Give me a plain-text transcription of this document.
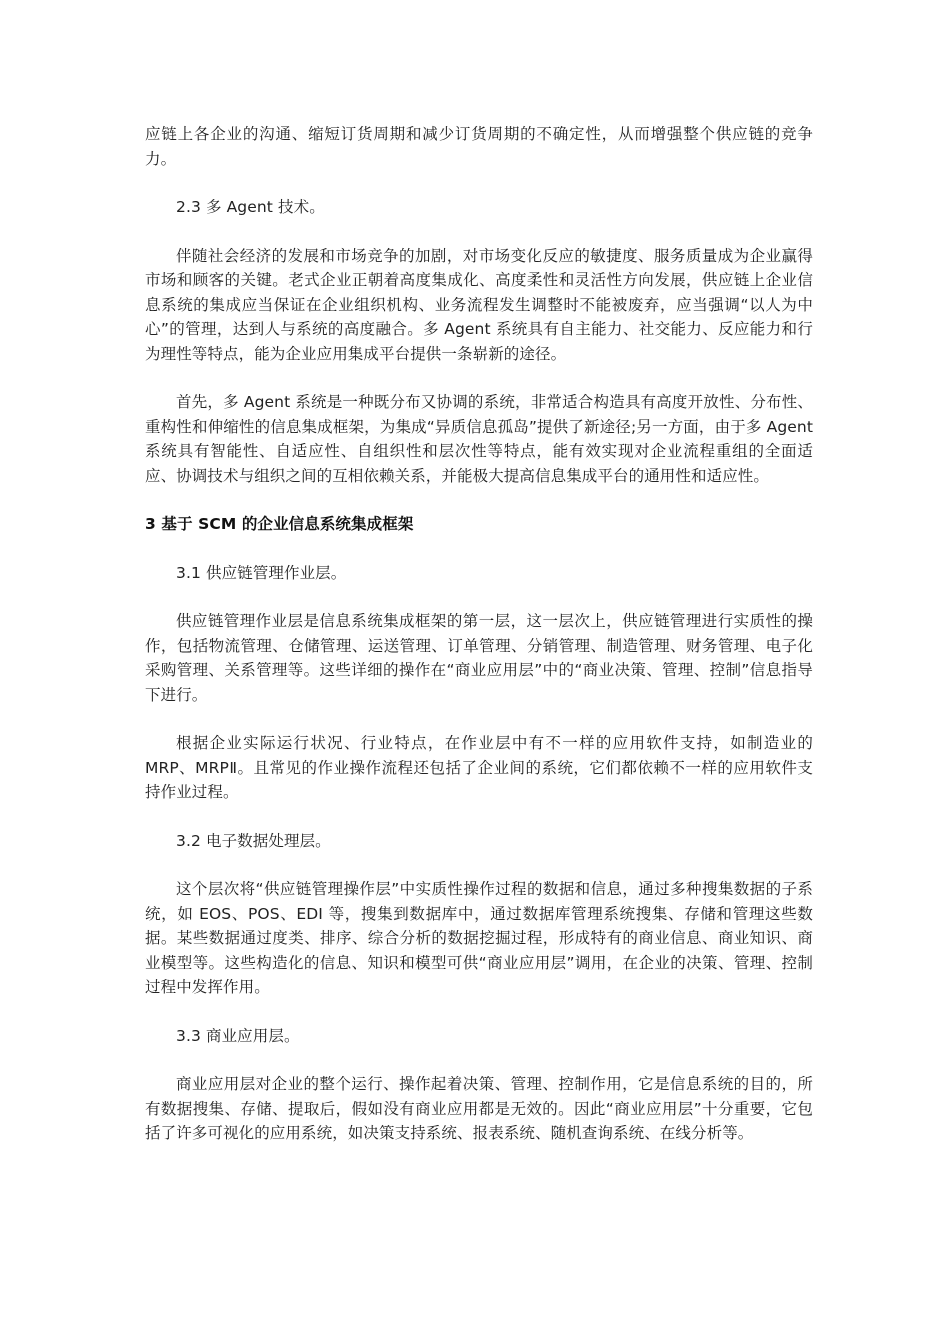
应链上各企业的沟通、缩短订货周期和减少订货周期的不确定性，从而增强整个供应链的竞争力。

2.3 多 Agent 技术。

伴随社会经济的发展和市场竞争的加剧，对市场变化反应的敏捷度、服务质量成为企业赢得市场和顾客的关键。老式企业正朝着高度集成化、高度柔性和灵活性方向发展，供应链上企业信息系统的集成应当保证在企业组织机构、业务流程发生调整时不能被废弃，应当强调“以人为中心”的管理，达到人与系统的高度融合。多 Agent 系统具有自主能力、社交能力、反应能力和行为理性等特点，能为企业应用集成平台提供一条崭新的途径。

首先，多 Agent 系统是一种既分布又协调的系统，非常适合构造具有高度开放性、分布性、重构性和伸缩性的信息集成框架，为集成“异质信息孤岛”提供了新途径;另一方面，由于多 Agent 系统具有智能性、自适应性、自组织性和层次性等特点，能有效实现对企业流程重组的全面适应、协调技术与组织之间的互相依赖关系，并能极大提高信息集成平台的通用性和适应性。

3 基于 SCM 的企业信息系统集成框架

3.1 供应链管理作业层。

供应链管理作业层是信息系统集成框架的第一层，这一层次上，供应链管理进行实质性的操作，包括物流管理、仓储管理、运送管理、订单管理、分销管理、制造管理、财务管理、电子化采购管理、关系管理等。这些详细的操作在“商业应用层”中的“商业决策、管理、控制”信息指导下进行。

根据企业实际运行状况、行业特点，在作业层中有不一样的应用软件支持，如制造业的 MRP、MRPⅡ。且常见的作业操作流程还包括了企业间的系统，它们都依赖不一样的应用软件支持作业过程。

3.2 电子数据处理层。

这个层次将“供应链管理操作层”中实质性操作过程的数据和信息，通过多种搜集数据的子系统，如 EOS、POS、EDI 等，搜集到数据库中，通过数据库管理系统搜集、存储和管理这些数据。某些数据通过度类、排序、综合分析的数据挖掘过程，形成特有的商业信息、商业知识、商业模型等。这些构造化的信息、知识和模型可供“商业应用层”调用，在企业的决策、管理、控制过程中发挥作用。

3.3 商业应用层。

商业应用层对企业的整个运行、操作起着决策、管理、控制作用，它是信息系统的目的，所有数据搜集、存储、提取后，假如没有商业应用都是无效的。因此“商业应用层”十分重要，它包括了许多可视化的应用系统，如决策支持系统、报表系统、随机查询系统、在线分析等。
